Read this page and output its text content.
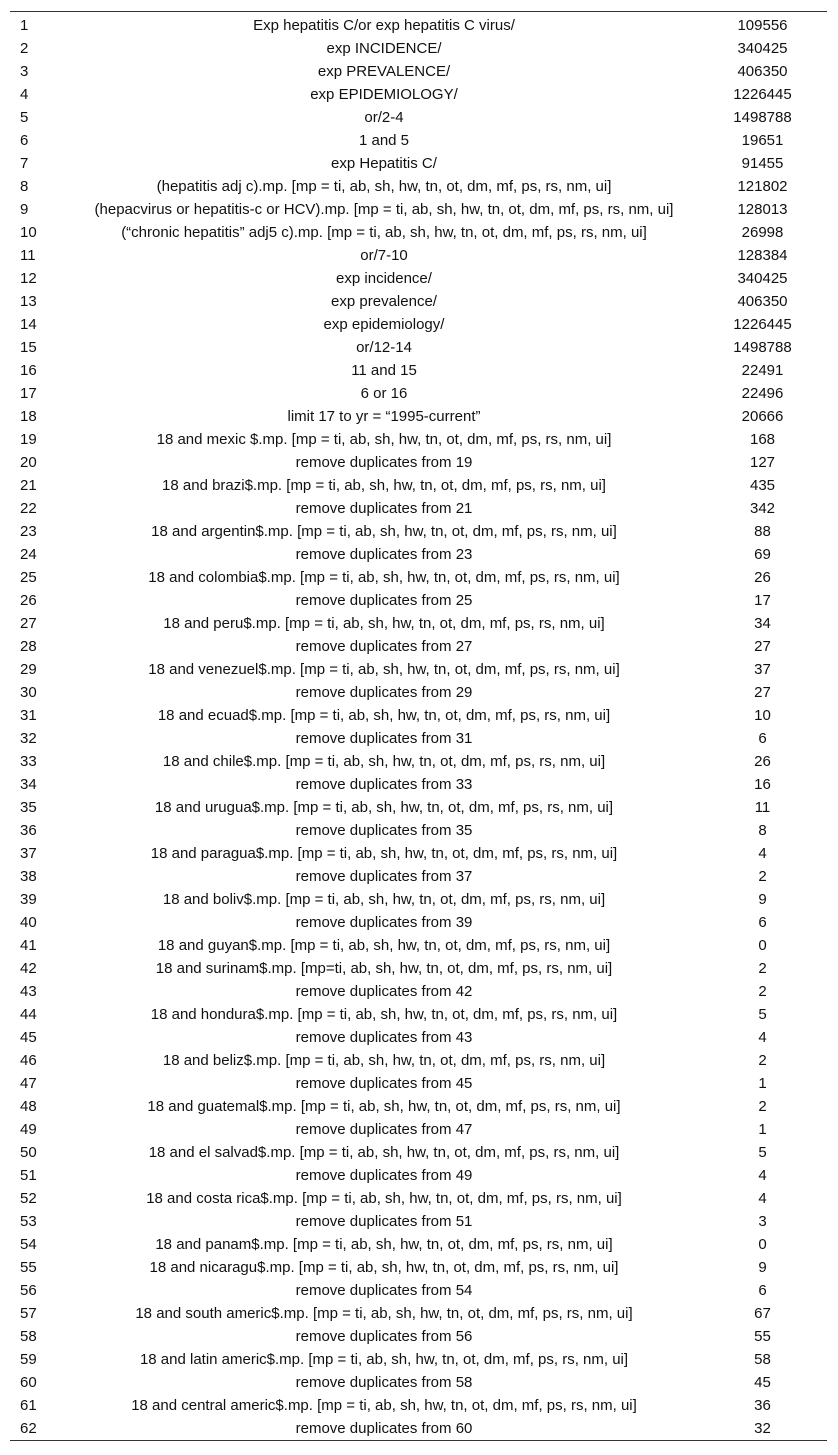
1	Exp hepatitis C/or exp hepatitis C virus/	109556
2	exp INCIDENCE/	340425
3	exp PREVALENCE/	406350
4	exp EPIDEMIOLOGY/	1226445
5	or/2-4	1498788
6	1 and 5	19651
7	exp Hepatitis C/	91455
8	(hepatitis adj c).mp. [mp = ti, ab, sh, hw, tn, ot, dm, mf, ps, rs, nm, ui]	121802
9	(hepacvirus or hepatitis-c or HCV).mp. [mp = ti, ab, sh, hw, tn, ot, dm, mf, ps, rs, nm, ui]	128013
10	(“chronic hepatitis” adj5 c).mp. [mp = ti, ab, sh, hw, tn, ot, dm, mf, ps, rs, nm, ui]	26998
11	or/7-10	128384
12	exp incidence/	340425
13	exp prevalence/	406350
14	exp epidemiology/	1226445
15	or/12-14	1498788
16	11 and 15	22491
17	6 or 16	22496
18	limit 17 to yr = “1995-current”	20666
19	18 and mexic $.mp. [mp = ti, ab, sh, hw, tn, ot, dm, mf, ps, rs, nm, ui]	168
20	remove duplicates from 19	127
21	18 and brazi$.mp. [mp = ti, ab, sh, hw, tn, ot, dm, mf, ps, rs, nm, ui]	435
22	remove duplicates from 21	342
23	18 and argentin$.mp. [mp = ti, ab, sh, hw, tn, ot, dm, mf, ps, rs, nm, ui]	88
24	remove duplicates from 23	69
25	18 and colombia$.mp. [mp = ti, ab, sh, hw, tn, ot, dm, mf, ps, rs, nm, ui]	26
26	remove duplicates from 25	17
27	18 and peru$.mp. [mp = ti, ab, sh, hw, tn, ot, dm, mf, ps, rs, nm, ui]	34
28	remove duplicates from 27	27
29	18 and venezuel$.mp. [mp = ti, ab, sh, hw, tn, ot, dm, mf, ps, rs, nm, ui]	37
30	remove duplicates from 29	27
31	18 and ecuad$.mp. [mp = ti, ab, sh, hw, tn, ot, dm, mf, ps, rs, nm, ui]	10
32	remove duplicates from 31	6
33	18 and chile$.mp. [mp = ti, ab, sh, hw, tn, ot, dm, mf, ps, rs, nm, ui]	26
34	remove duplicates from 33	16
35	18 and urugua$.mp. [mp = ti, ab, sh, hw, tn, ot, dm, mf, ps, rs, nm, ui]	11
36	remove duplicates from 35	8
37	18 and paragua$.mp. [mp = ti, ab, sh, hw, tn, ot, dm, mf, ps, rs, nm, ui]	4
38	remove duplicates from 37	2
39	18 and boliv$.mp. [mp = ti, ab, sh, hw, tn, ot, dm, mf, ps, rs, nm, ui]	9
40	remove duplicates from 39	6
41	18 and guyan$.mp. [mp = ti, ab, sh, hw, tn, ot, dm, mf, ps, rs, nm, ui]	0
42	18 and surinam$.mp. [mp=ti, ab, sh, hw, tn, ot, dm, mf, ps, rs, nm, ui]	2
43	remove duplicates from 42	2
44	18 and hondura$.mp. [mp = ti, ab, sh, hw, tn, ot, dm, mf, ps, rs, nm, ui]	5
45	remove duplicates from 43	4
46	18 and beliz$.mp. [mp = ti, ab, sh, hw, tn, ot, dm, mf, ps, rs, nm, ui]	2
47	remove duplicates from 45	1
48	18 and guatemal$.mp. [mp = ti, ab, sh, hw, tn, ot, dm, mf, ps, rs, nm, ui]	2
49	remove duplicates from 47	1
50	18 and el salvad$.mp. [mp = ti, ab, sh, hw, tn, ot, dm, mf, ps, rs, nm, ui]	5
51	remove duplicates from 49	4
52	18 and costa rica$.mp. [mp = ti, ab, sh, hw, tn, ot, dm, mf, ps, rs, nm, ui]	4
53	remove duplicates from 51	3
54	18 and panam$.mp. [mp = ti, ab, sh, hw, tn, ot, dm, mf, ps, rs, nm, ui]	0
55	18 and nicaragu$.mp. [mp = ti, ab, sh, hw, tn, ot, dm, mf, ps, rs, nm, ui]	9
56	remove duplicates from 54	6
57	18 and south americ$.mp. [mp = ti, ab, sh, hw, tn, ot, dm, mf, ps, rs, nm, ui]	67
58	remove duplicates from 56	55
59	18 and latin americ$.mp. [mp = ti, ab, sh, hw, tn, ot, dm, mf, ps, rs, nm, ui]	58
60	remove duplicates from 58	45
61	18 and central americ$.mp. [mp = ti, ab, sh, hw, tn, ot, dm, mf, ps, rs, nm, ui]	36
62	remove duplicates from 60	32
